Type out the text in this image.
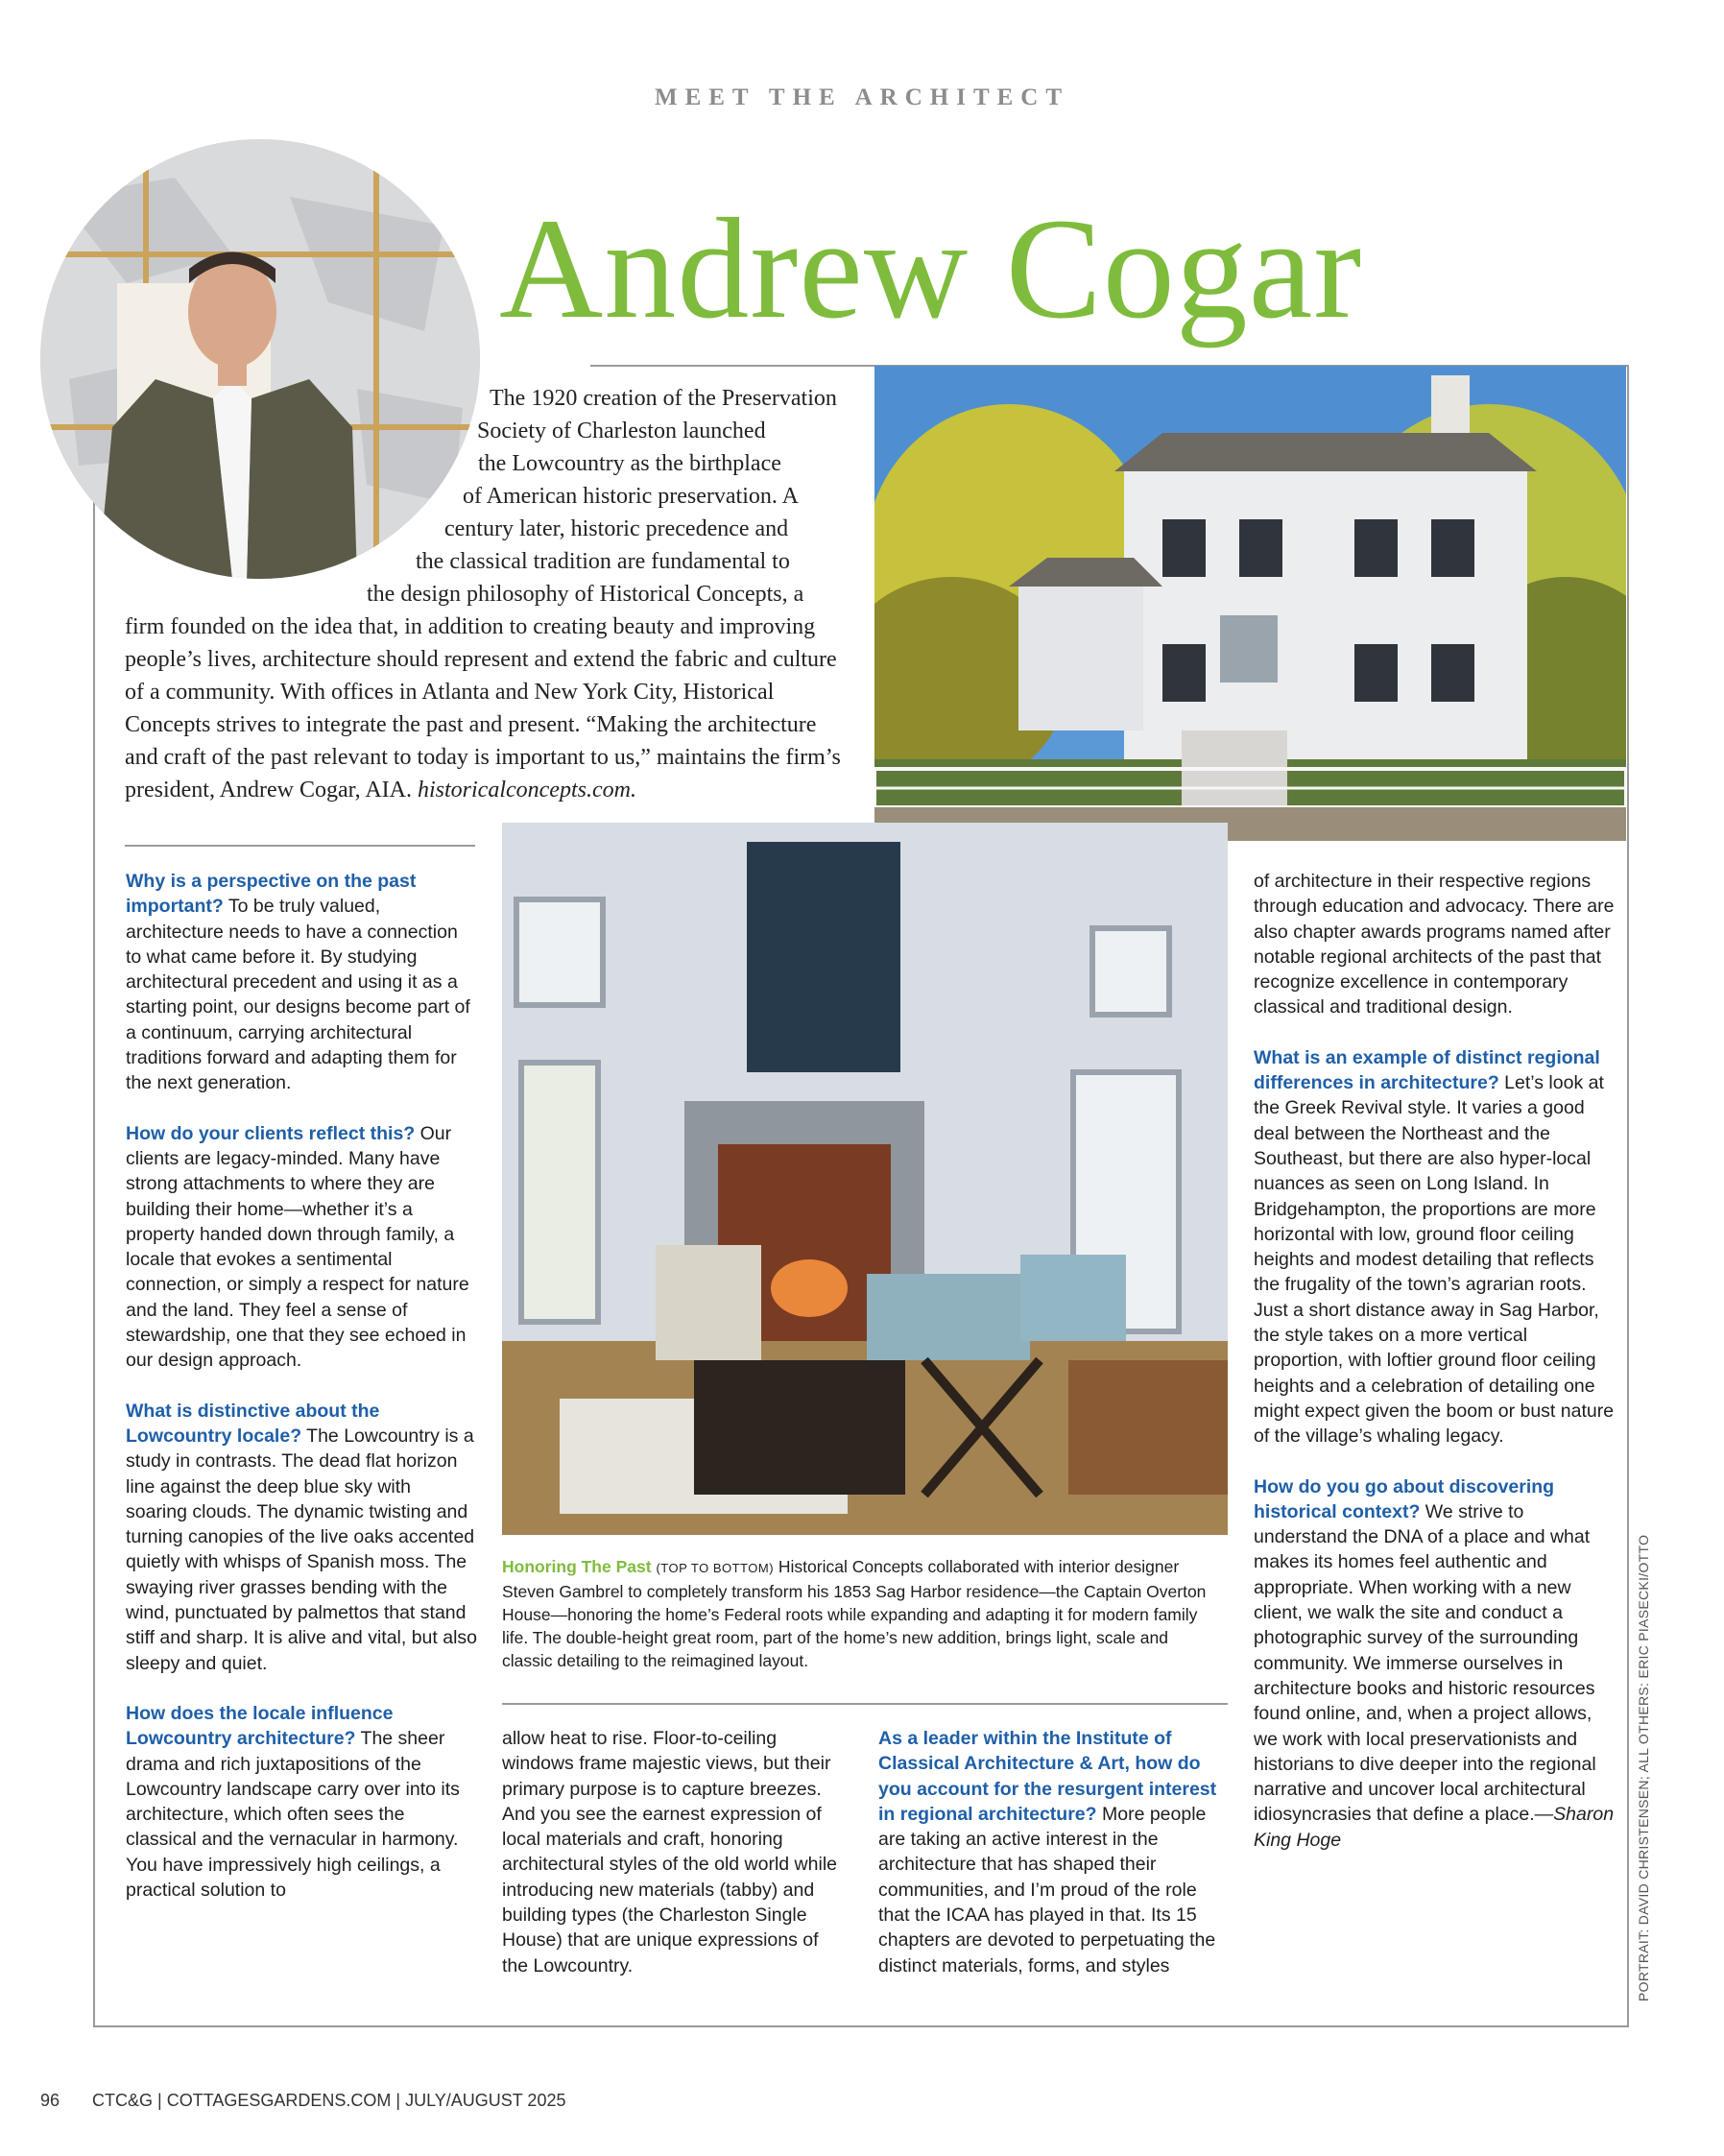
MEET THE ARCHITECT
Andrew Cogar
The 1920 creation of the Preservation
Society of Charleston launched
the Lowcountry as the birthplace
of American historic preservation. A
century later, historic precedence and
the classical tradition are fundamental to
the design philosophy of Historical Concepts, a
firm founded on the idea that, in addition to creating beauty and improving
people’s lives, architecture should represent and extend the fabric and culture
of a community. With offices in Atlanta and New York City, Historical
Concepts strives to integrate the past and present. “Making the architecture
and craft of the past relevant to today is important to us,” maintains the firm’s
president, Andrew Cogar, AIA. historicalconcepts.com.

Why is a perspective on the past important? To be truly valued, architecture needs to have a connection to what came before it. By studying architectural precedent and using it as a starting point, our designs become part of a continuum, carrying architectural traditions forward and adapting them for the next generation.

How do your clients reflect this? Our clients are legacy-minded. Many have strong attachments to where they are building their home—whether it’s a property handed down through family, a locale that evokes a sentimental connection, or simply a respect for nature and the land. They feel a sense of stewardship, one that they see echoed in our design approach.

What is distinctive about the Lowcountry locale? The Lowcountry is a study in contrasts. The dead flat horizon line against the deep blue sky with soaring clouds. The dynamic twisting and turning canopies of the live oaks accented quietly with whisps of Spanish moss. The swaying river grasses bending with the wind, punctuated by palmettos that stand stiff and sharp. It is alive and vital, but also sleepy and quiet.

How does the locale influence Lowcountry architecture? The sheer drama and rich juxtapositions of the Lowcountry landscape carry over into its architecture, which often sees the classical and the vernacular in harmony. You have impressively high ceilings, a practical solution to

Honoring The Past (TOP TO BOTTOM) Historical Concepts collaborated with interior designer Steven Gambrel to completely transform his 1853 Sag Harbor residence—the Captain Overton House—honoring the home’s Federal roots while expanding and adapting it for modern family life. The double-height great room, part of the home’s new addition, brings light, scale and classic detailing to the reimagined layout.

allow heat to rise. Floor-to-ceiling windows frame majestic views, but their primary purpose is to capture breezes. And you see the earnest expression of local materials and craft, honoring architectural styles of the old world while introducing new materials (tabby) and building types (the Charleston Single House) that are unique expressions of the Lowcountry.

As a leader within the Institute of Classical Architecture & Art, how do you account for the resurgent interest in regional architecture? More people are taking an active interest in the architecture that has shaped their communities, and I’m proud of the role that the ICAA has played in that. Its 15 chapters are devoted to perpetuating the distinct materials, forms, and styles

of architecture in their respective regions through education and advocacy. There are also chapter awards programs named after notable regional architects of the past that recognize excellence in contemporary classical and traditional design.

What is an example of distinct regional differences in architecture? Let’s look at the Greek Revival style. It varies a good deal between the Northeast and the Southeast, but there are also hyper-local nuances as seen on Long Island. In Bridgehampton, the proportions are more horizontal with low, ground floor ceiling heights and modest detailing that reflects the frugality of the town’s agrarian roots. Just a short distance away in Sag Harbor, the style takes on a more vertical proportion, with loftier ground floor ceiling heights and a celebration of detailing one might expect given the boom or bust nature of the village’s whaling legacy.

How do you go about discovering historical context? We strive to understand the DNA of a place and what makes its homes feel authentic and appropriate. When working with a new client, we walk the site and conduct a photographic survey of the surrounding community. We immerse ourselves in architecture books and historic resources found online, and, when a project allows, we work with local preservationists and historians to dive deeper into the regional narrative and uncover local architectural idiosyncrasies that define a place.—Sharon King Hoge	PORTRAIT: DAVID CHRISTENSEN; ALL OTHERS: ERIC PIASECKI/OTTO
96 CTC&G | COTTAGESGARDENS.COM | JULY/AUGUST 2025
